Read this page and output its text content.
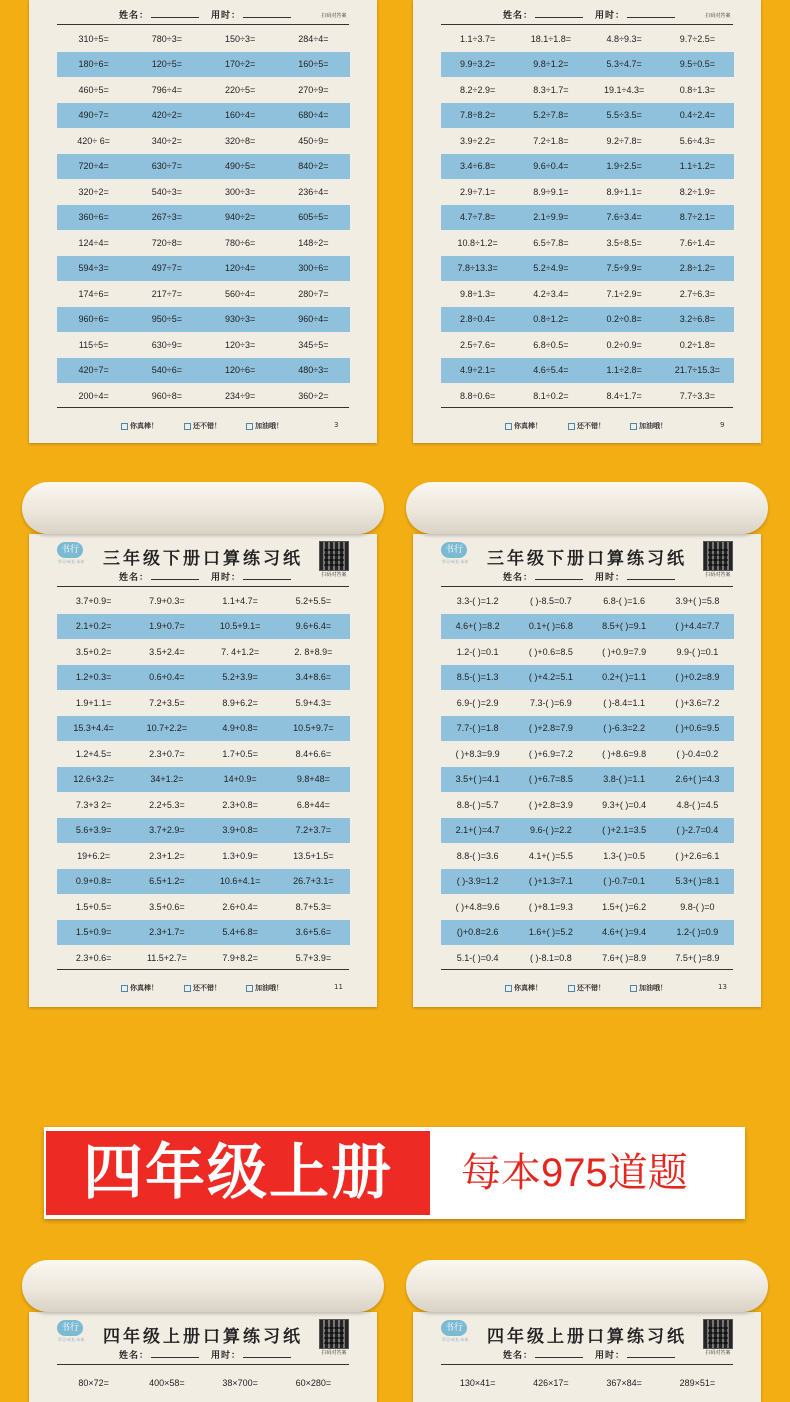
姓名：	用时：	扫码对答案
310÷5=	780÷3=	150÷3=	284÷4=
180÷6=	120÷5=	170÷2=	160÷5=
460÷5=	796÷4=	220÷5=	270÷9=
490÷7=	420÷2=	160÷4=	680÷4=
420÷ 6=	340÷2=	320÷8=	450÷9=
720÷4=	630÷7=	490÷5=	840÷2=
320÷2=	540÷3=	300÷3=	236÷4=
360÷6=	267÷3=	940÷2=	605÷5=
124÷4=	720÷8=	780÷6=	148÷2=
594÷3=	497÷7=	120÷4=	300÷6=
174÷6=	217÷7=	560÷4=	280÷7=
960÷6=	950÷5=	930÷3=	960÷4=
115÷5=	630÷9=	120÷3=	345÷5=
420÷7=	540÷6=	120÷6=	480÷3=
200÷4=	960÷8=	234÷9=	360÷2=
你真棒！	还不错！	加油哦！	3
姓名：	用时：	扫码对答案
1.1÷3.7=	18.1÷1.8=	4.8÷9.3=	9.7÷2.5=
9.9÷3.2=	9.8÷1.2=	5.3÷4.7=	9.5÷0.5=
8.2÷2.9=	8.3÷1.7=	19.1÷4.3=	0.8÷1.3=
7.8÷8.2=	5.2÷7.8=	5.5÷3.5=	0.4÷2.4=
3.9÷2.2=	7.2÷1.8=	9.2÷7.8=	5.6÷4.3=
3.4÷6.8=	9.6÷0.4=	1.9÷2.5=	1.1÷1.2=
2.9÷7.1=	8.9÷9.1=	8.9÷1.1=	8.2÷1.9=
4.7÷7.8=	2.1÷9.9=	7.6÷3.4=	8.7÷2.1=
10.8÷1.2=	6.5÷7.8=	3.5÷8.5=	7.6÷1.4=
7.8÷13.3=	5.2÷4.9=	7.5÷9.9=	2.8÷1.2=
9.8÷1.3=	4.2÷3.4=	7.1÷2.9=	2.7÷6.3=
2.8÷0.4=	0.8÷1.2=	0.2÷0.8=	3.2÷6.8=
2.5÷7.6=	6.8÷0.5=	0.2÷0.9=	0.2÷1.8=
4.9÷2.1=	4.6÷5.4=	1.1÷2.8=	21.7÷15.3=
8.8÷0.6=	8.1÷0.2=	8.4÷1.7=	7.7÷3.3=
你真棒！	还不错！	加油哦！	9
书行
学习·成长·未来	三年级下册口算练习纸
扫码对答案
姓名：	用时：
3.7+0.9=	7.9+0.3=	1.1+4.7=	5.2+5.5=
2.1+0.2=	1.9+0.7=	10.5+9.1=	9.6+6.4=
3.5+0.2=	3.5+2.4=	7. 4+1.2=	2. 8+8.9=
1.2+0.3=	0.6+0.4=	5.2+3.9=	3.4+8.6=
1.9+1.1=	7.2+3.5=	8.9+6.2=	5.9+4.3=
15.3+4.4=	10.7+2.2=	4.9+0.8=	10.5+9.7=
1.2+4.5=	2.3+0.7=	1.7+0.5=	8.4+6.6=
12.6+3.2=	34+1.2=	14+0.9=	9.8+48=
7.3+3 2=	2.2+5.3=	2.3+0.8=	6.8+44=
5.6+3.9=	3.7+2.9=	3.9+0.8=	7.2+3.7=
19+6.2=	2.3+1.2=	1.3+0.9=	13.5+1.5=
0.9+0.8=	6.5+1.2=	10.6+4.1=	26.7+3.1=
1.5+0.5=	3.5+0.6=	2.6+0.4=	8.7+5.3=
1.5+0.9=	2.3+1.7=	5.4+6.8=	3.6+5.6=
2.3+0.6=	11.5+2.7=	7.9+8.2=	5.7+3.9=
你真棒！	还不错！	加油哦！	11
书行
学习·成长·未来	三年级下册口算练习纸
扫码对答案
姓名：	用时：
3.3-( )=1.2	( )-8.5=0.7	6.8-( )=1.6	3.9+( )=5.8
4.6+( )=8.2	0.1+( )=6.8	8.5+( )=9.1	( )+4.4=7.7
1.2-( )=0.1	( )+0.6=8.5	( )+0.9=7.9	9.9-( )=0.1
8.5-( )=1.3	( )+4.2=5.1	0.2+( )=1.1	( )+0.2=8.9
6.9-( )=2.9	7.3-( )=6.9	( )-8.4=1.1	( )+3.6=7.2
7.7-( )=1.8	( )+2.8=7.9	( )-6.3=2.2	( )+0.6=9.5
( )+8.3=9.9	( )+6.9=7.2	( )+8.6=9.8	( )-0.4=0.2
3.5+( )=4.1	( )+6.7=8.5	3.8-( )=1.1	2.6+( )=4.3
8.8-( )=5.7	( )+2.8=3.9	9.3+( )=0.4	4.8-( )=4.5
2.1+( )=4.7	9.6-( )=2.2	( )+2.1=3.5	( )-2.7=0.4
8.8-( )=3.6	4.1+( )=5.5	1.3-( )=0.5	( )+2.6=6.1
( )-3.9=1.2	( )+1.3=7.1	( )-0.7=0.1	5.3+( )=8.1
( )+4.8=9.6	( )+8.1=9.3	1.5+( )=6.2	9.8-( )=0
()+0.8=2.6	1.6+( )=5.2	4.6+( )=9.4	1.2-( )=0.9
5.1-( )=0.4	( )-8.1=0.8	7.6+( )=8.9	7.5+( )=8.9
你真棒！	还不错！	加油哦！	13
四年级上册	每本975道题
书行
学习·成长·未来	四年级上册口算练习纸
扫码对答案
姓名：	用时：
80×72=	400×58=	38×700=	60×280=
书行
学习·成长·未来	四年级上册口算练习纸
扫码对答案
姓名：	用时：
130×41=	426×17=	367×84=	289×51=
